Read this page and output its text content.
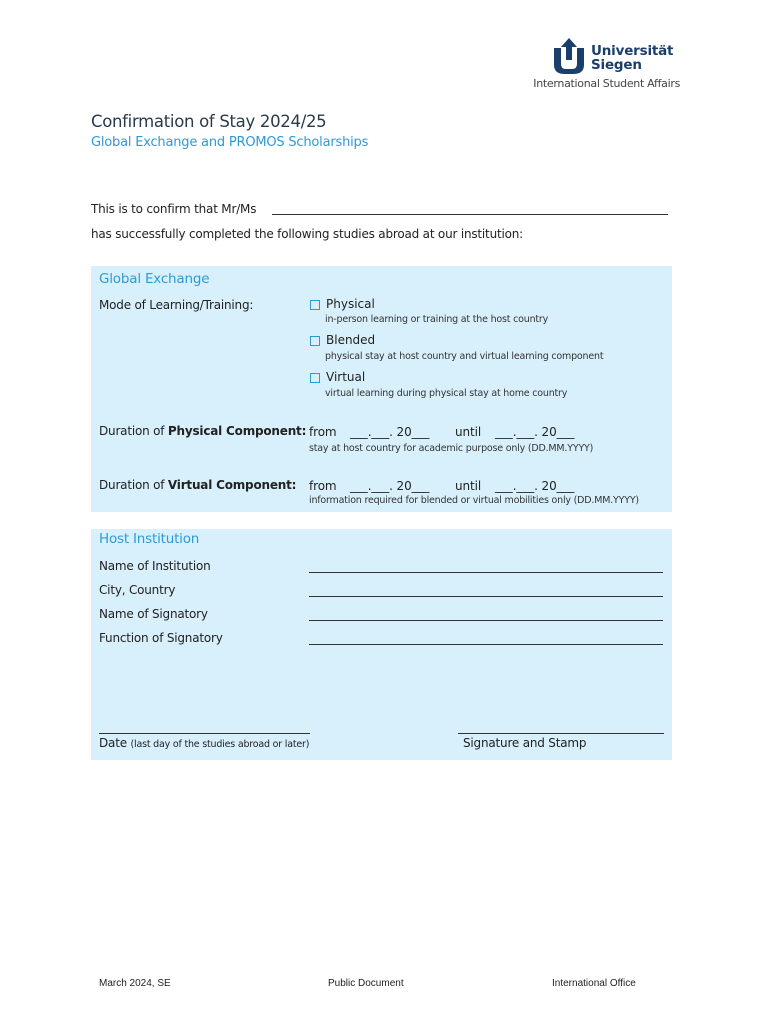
Universität
Siegen
International Student Affairs
Confirmation of Stay 2024/25
Global Exchange and PROMOS Scholarships
This is to confirm that Mr/Ms
has successfully completed the following studies abroad at our institution:
Global Exchange
Mode of Learning/Training:	Physical
in-person learning or training at the host country
Blended
physical stay at host country and virtual learning component
Virtual
virtual learning during physical stay at home country
Duration of Physical Component: from ___.___. 20___ until ___.___. 20___
stay at host country for academic purpose only (DD.MM.YYYY)
Duration of Virtual Component: from ___.___. 20___ until ___.___. 20___
information required for blended or virtual mobilities only (DD.MM.YYYY)
Host Institution
Name of Institution
City, Country
Name of Signatory
Function of Signatory
Date (last day of the studies abroad or later)	Signature and Stamp
March 2024, SE	Public Document	International Office
